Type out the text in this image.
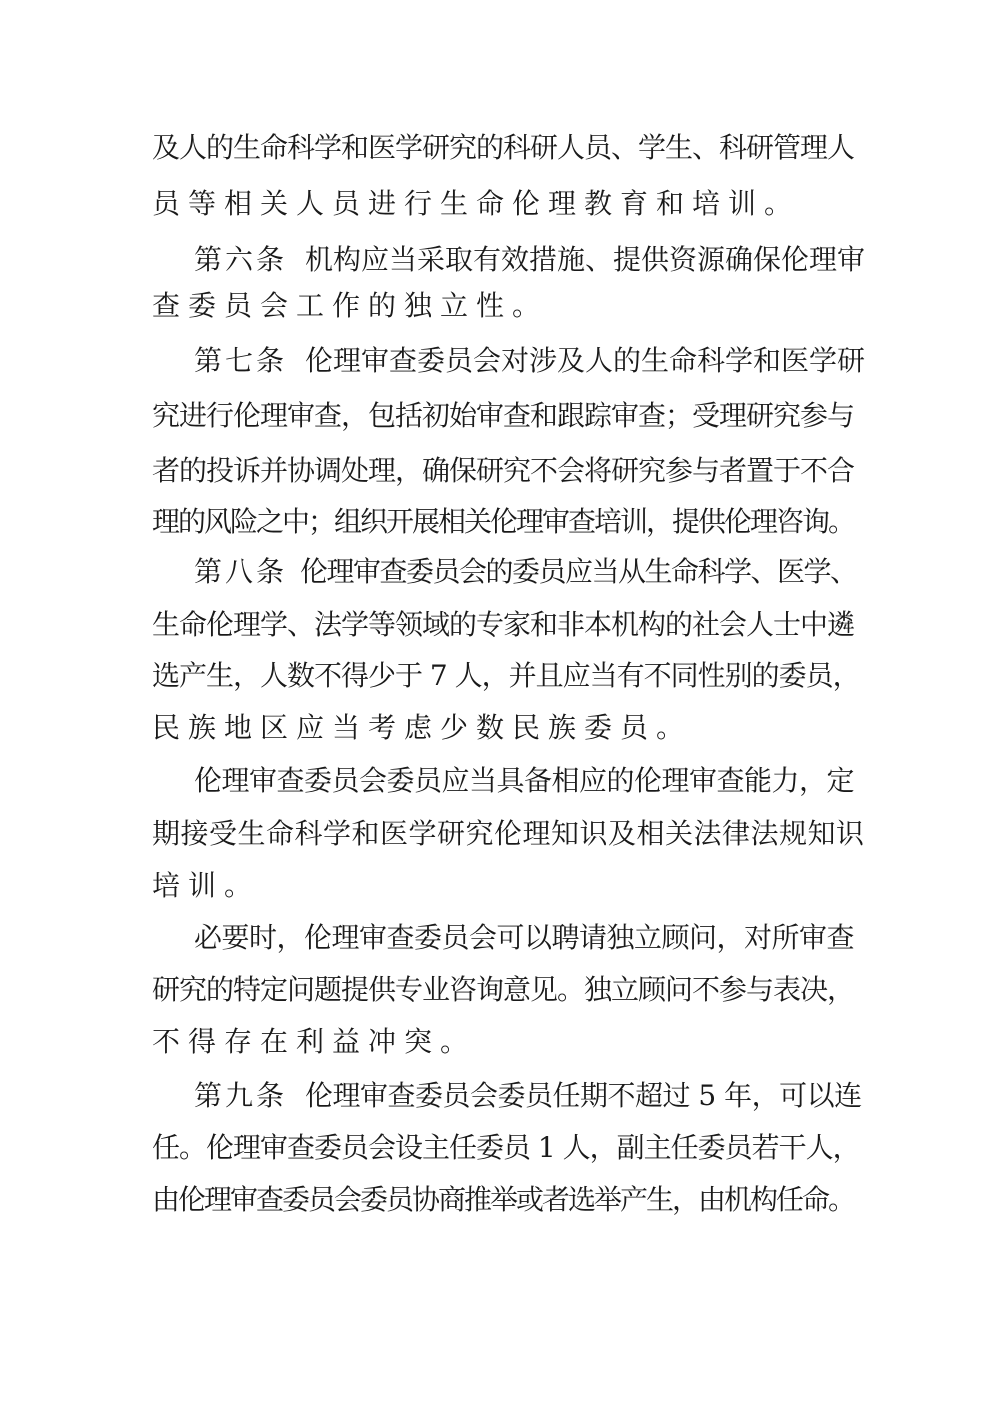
及人的生命科学和医学研究的科研人员、学生、科研管理人
员等相关人员进行生命伦理教育和培训。
第六条 机构应当采取有效措施、提供资源确保伦理审
查委员会工作的独立性。
第七条 伦理审查委员会对涉及人的生命科学和医学研
究进行伦理审查，包括初始审查和跟踪审查；受理研究参与
者的投诉并协调处理，确保研究不会将研究参与者置于不合
理的风险之中；组织开展相关伦理审查培训，提供伦理咨询。
第八条 伦理审查委员会的委员应当从生命科学、医学、
生命伦理学、法学等领域的专家和非本机构的社会人士中遴
选产生，人数不得少于 7 人，并且应当有不同性别的委员，
民族地区应当考虑少数民族委员。
伦理审查委员会委员应当具备相应的伦理审查能力，定
期接受生命科学和医学研究伦理知识及相关法律法规知识
培训。
必要时，伦理审查委员会可以聘请独立顾问，对所审查
研究的特定问题提供专业咨询意见。独立顾问不参与表决，
不得存在利益冲突。
第九条 伦理审查委员会委员任期不超过 5 年，可以连
任。伦理审查委员会设主任委员 1 人，副主任委员若干人，
由伦理审查委员会委员协商推举或者选举产生，由机构任命。
